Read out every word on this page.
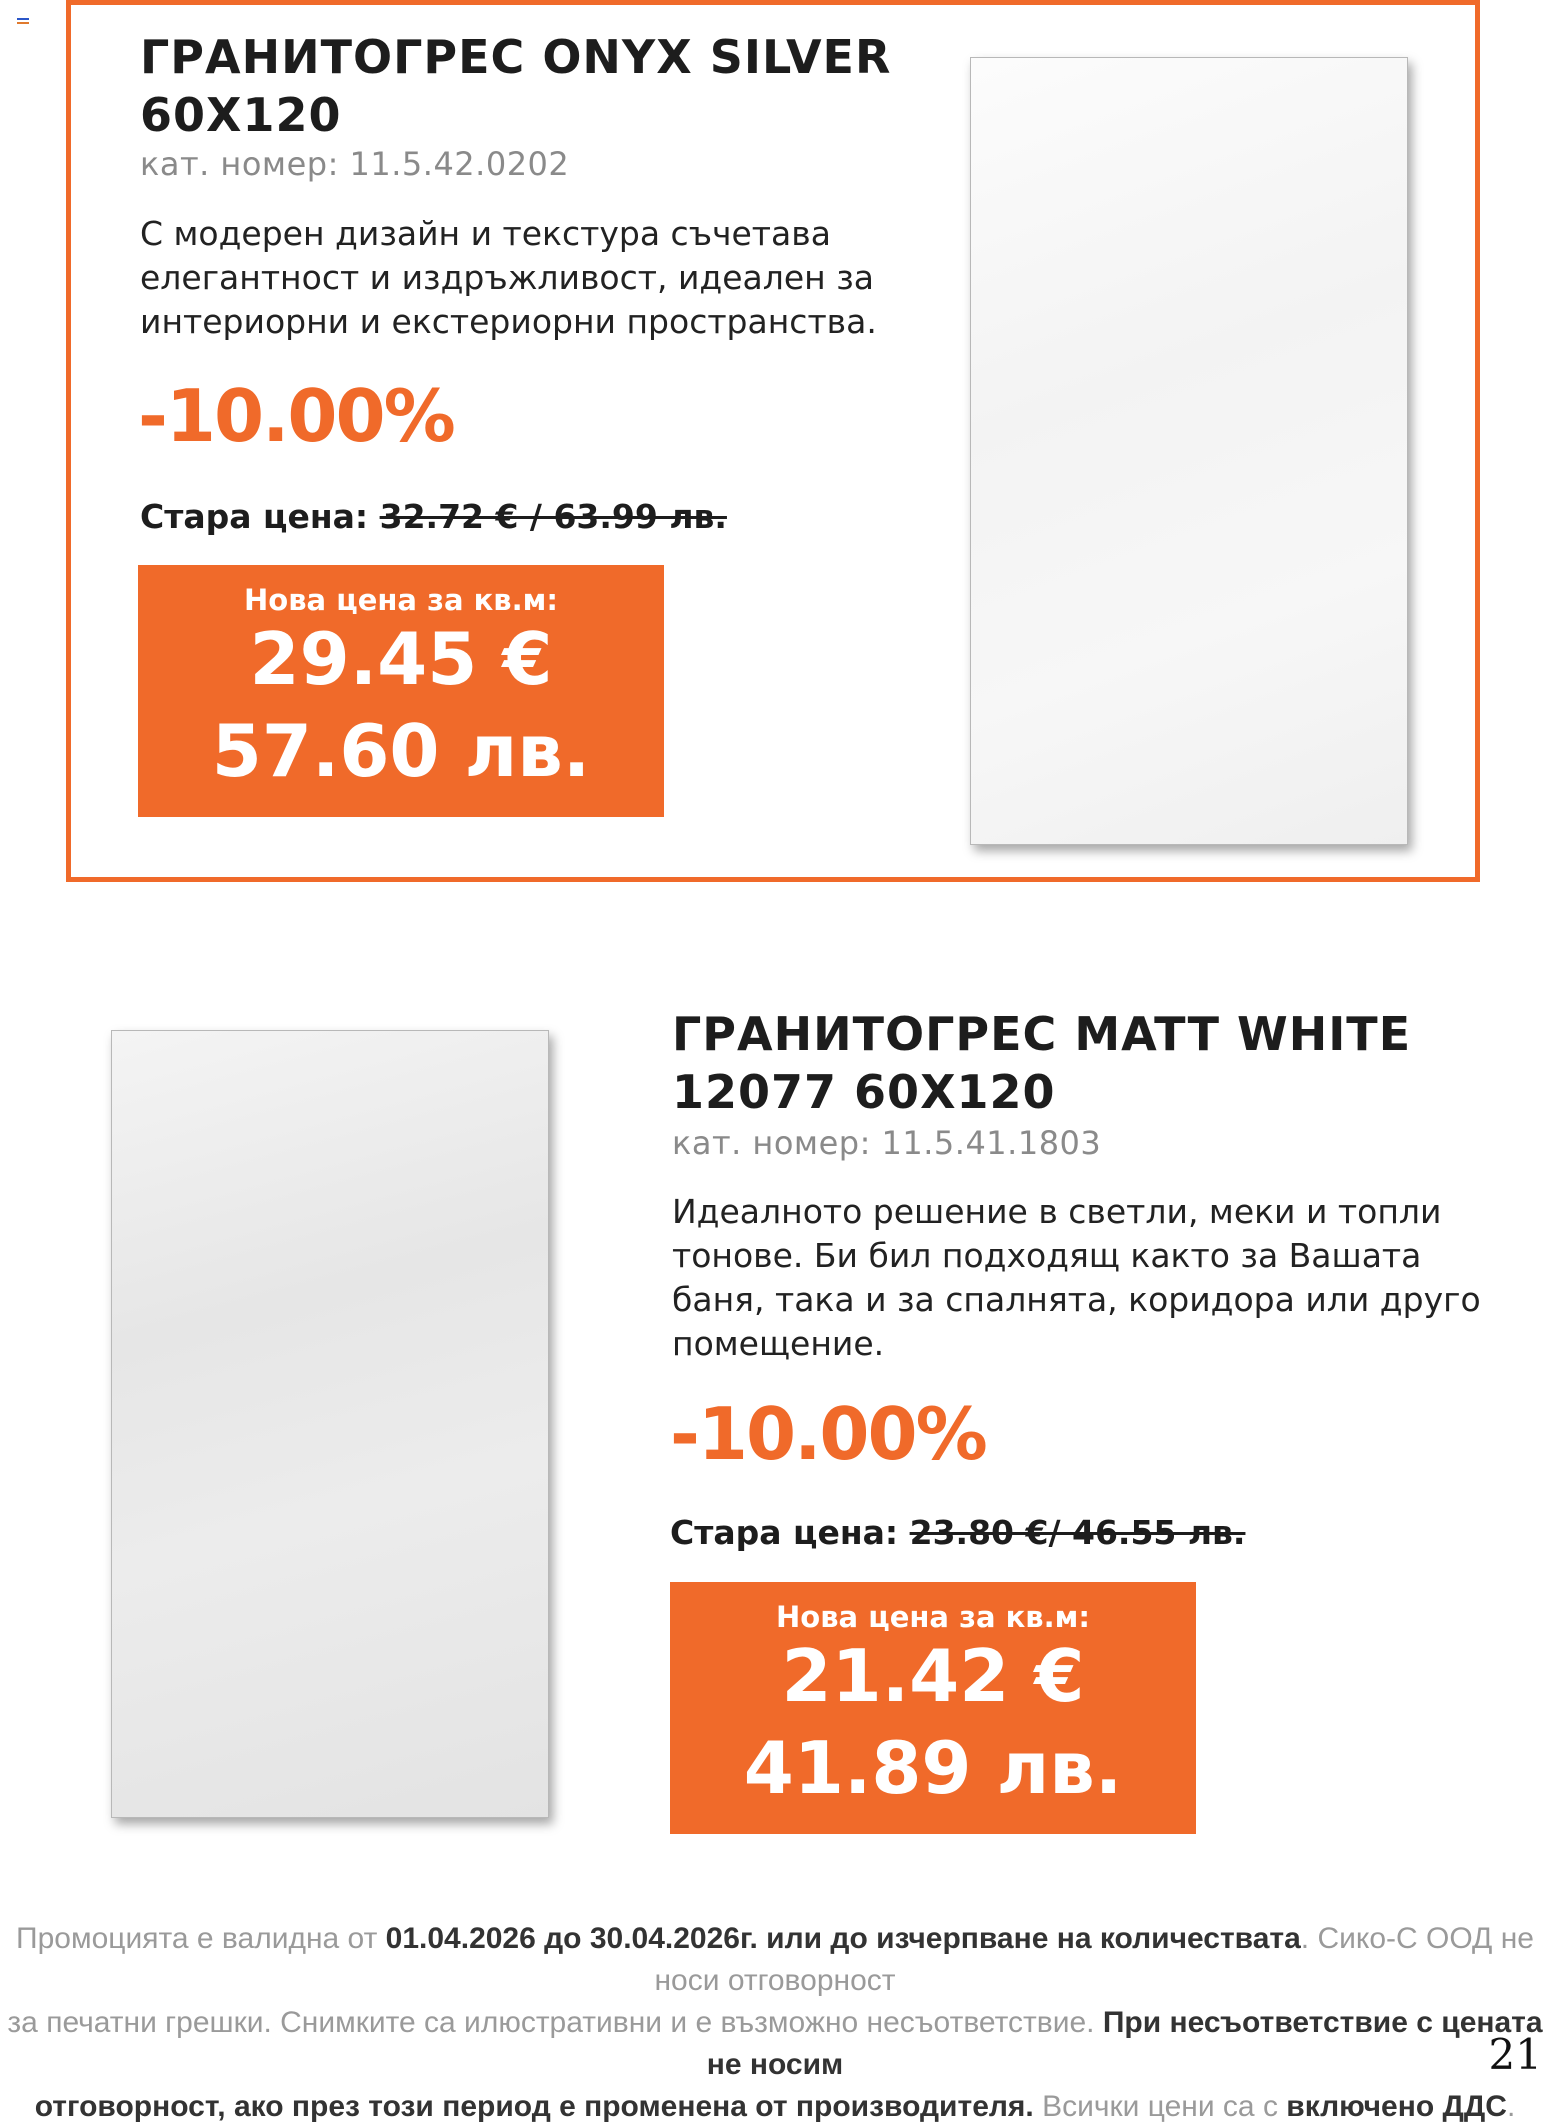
ГРАНИТОГРЕС ONYX SILVER
60X120
кат. номер: 11.5.42.0202
С модерен дизайн и текстура съчетава
елегантност и издръжливост, идеален за
интериорни и екстериорни пространства.
-10.00%
Стара цена: 32.72 € / 63.99 лв.
Нова цена за кв.м:
29.45 €
57.60 лв.
ГРАНИТОГРЕС MATT WHITE
12077 60X120
кат. номер: 11.5.41.1803
Идеалното решение в светли, меки и топли
тонове. Би бил подходящ както за Вашата
баня, така и за спалнята, коридора или друго
помещение.
-10.00%
Стара цена: 23.80 €/ 46.55 лв.
Нова цена за кв.м:
21.42 €
41.89 лв.
Промоцията е валидна от 01.04.2026 до 30.04.2026г. или до изчерпване на количествата. Сико-С ООД не носи отговорност
за печатни грешки. Снимките са илюстративни и е възможно несъответствие. При несъответствие с цената не носим
отговорност, ако през този период е променена от производителя. Всички цени са с включено ДДС.
21
